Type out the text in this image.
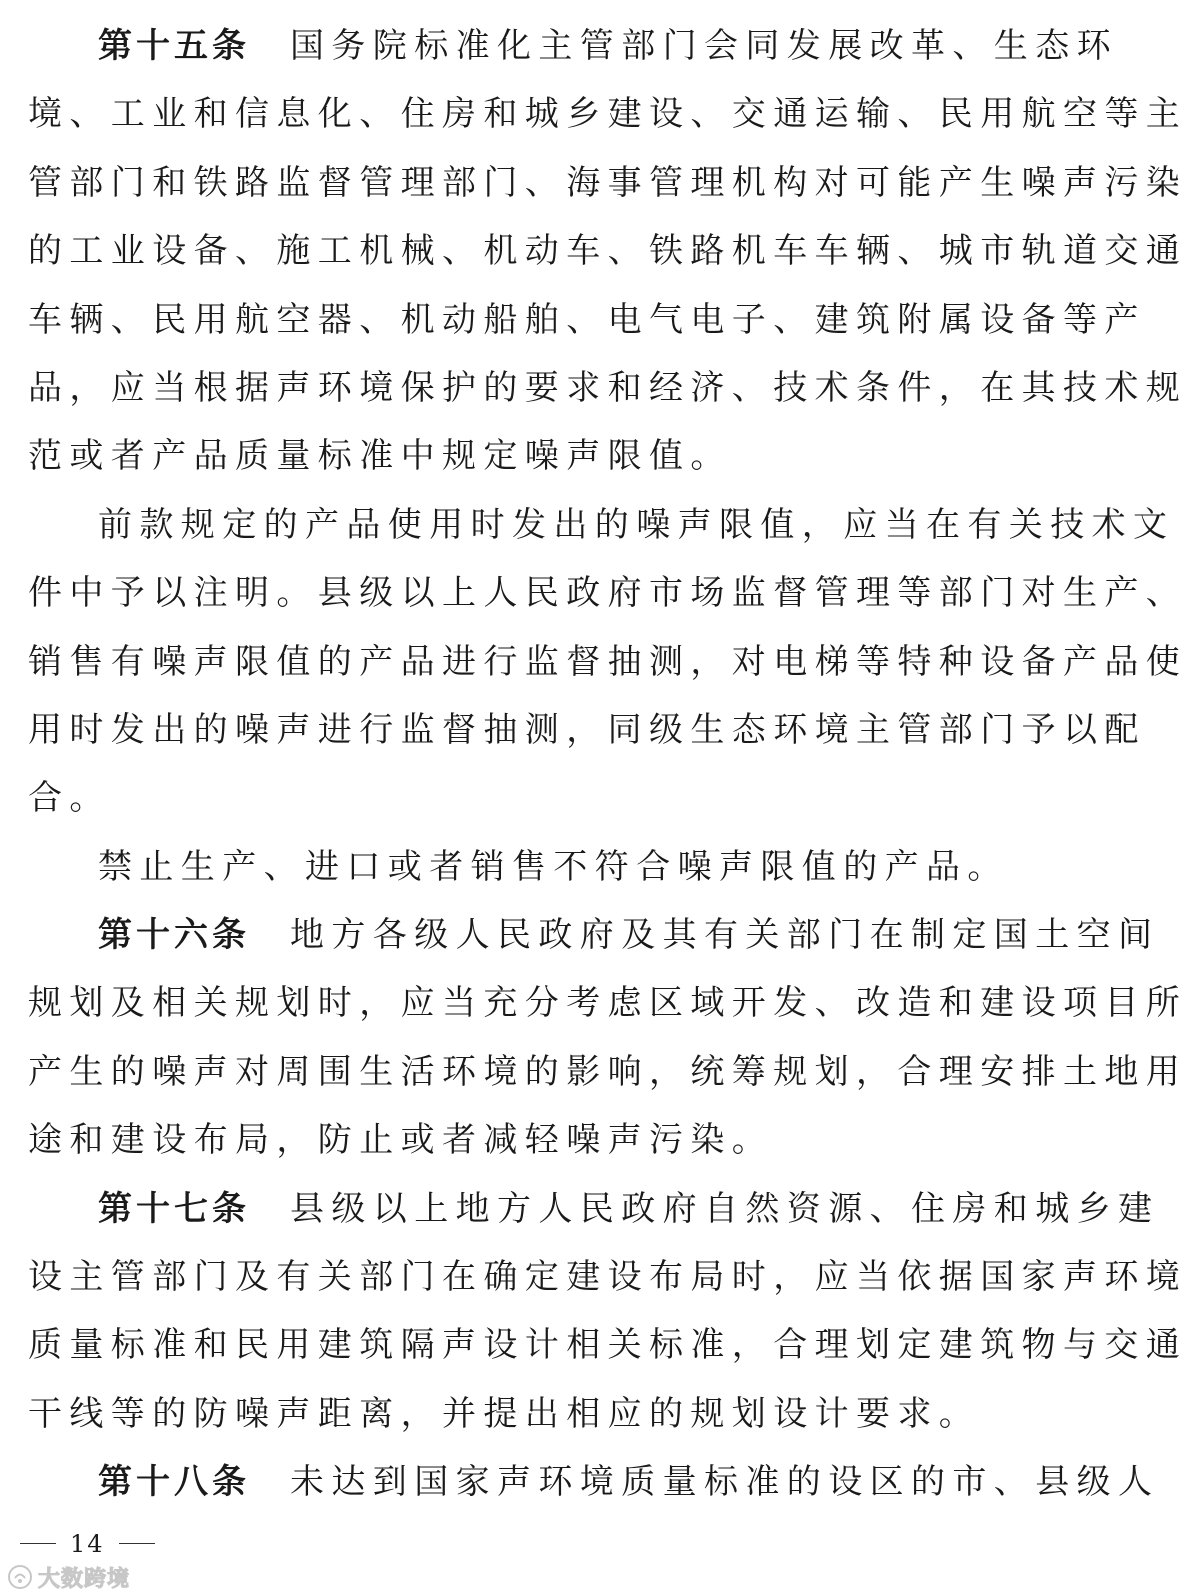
第十五条 国务院标准化主管部门会同发展改革、生态环
境、工业和信息化、住房和城乡建设、交通运输、民用航空等主
管部门和铁路监督管理部门、海事管理机构对可能产生噪声污染
的工业设备、施工机械、机动车、铁路机车车辆、城市轨道交通
车辆、民用航空器、机动船舶、电气电子、建筑附属设备等产
品，应当根据声环境保护的要求和经济、技术条件，在其技术规
范或者产品质量标准中规定噪声限值。
前款规定的产品使用时发出的噪声限值，应当在有关技术文
件中予以注明。县级以上人民政府市场监督管理等部门对生产、
销售有噪声限值的产品进行监督抽测，对电梯等特种设备产品使
用时发出的噪声进行监督抽测，同级生态环境主管部门予以配
合。
禁止生产、进口或者销售不符合噪声限值的产品。
第十六条 地方各级人民政府及其有关部门在制定国土空间
规划及相关规划时，应当充分考虑区域开发、改造和建设项目所
产生的噪声对周围生活环境的影响，统筹规划，合理安排土地用
途和建设布局，防止或者减轻噪声污染。
第十七条 县级以上地方人民政府自然资源、住房和城乡建
设主管部门及有关部门在确定建设布局时，应当依据国家声环境
质量标准和民用建筑隔声设计相关标准，合理划定建筑物与交通
干线等的防噪声距离，并提出相应的规划设计要求。
第十八条 未达到国家声环境质量标准的设区的市、县级人
14
大数跨境
